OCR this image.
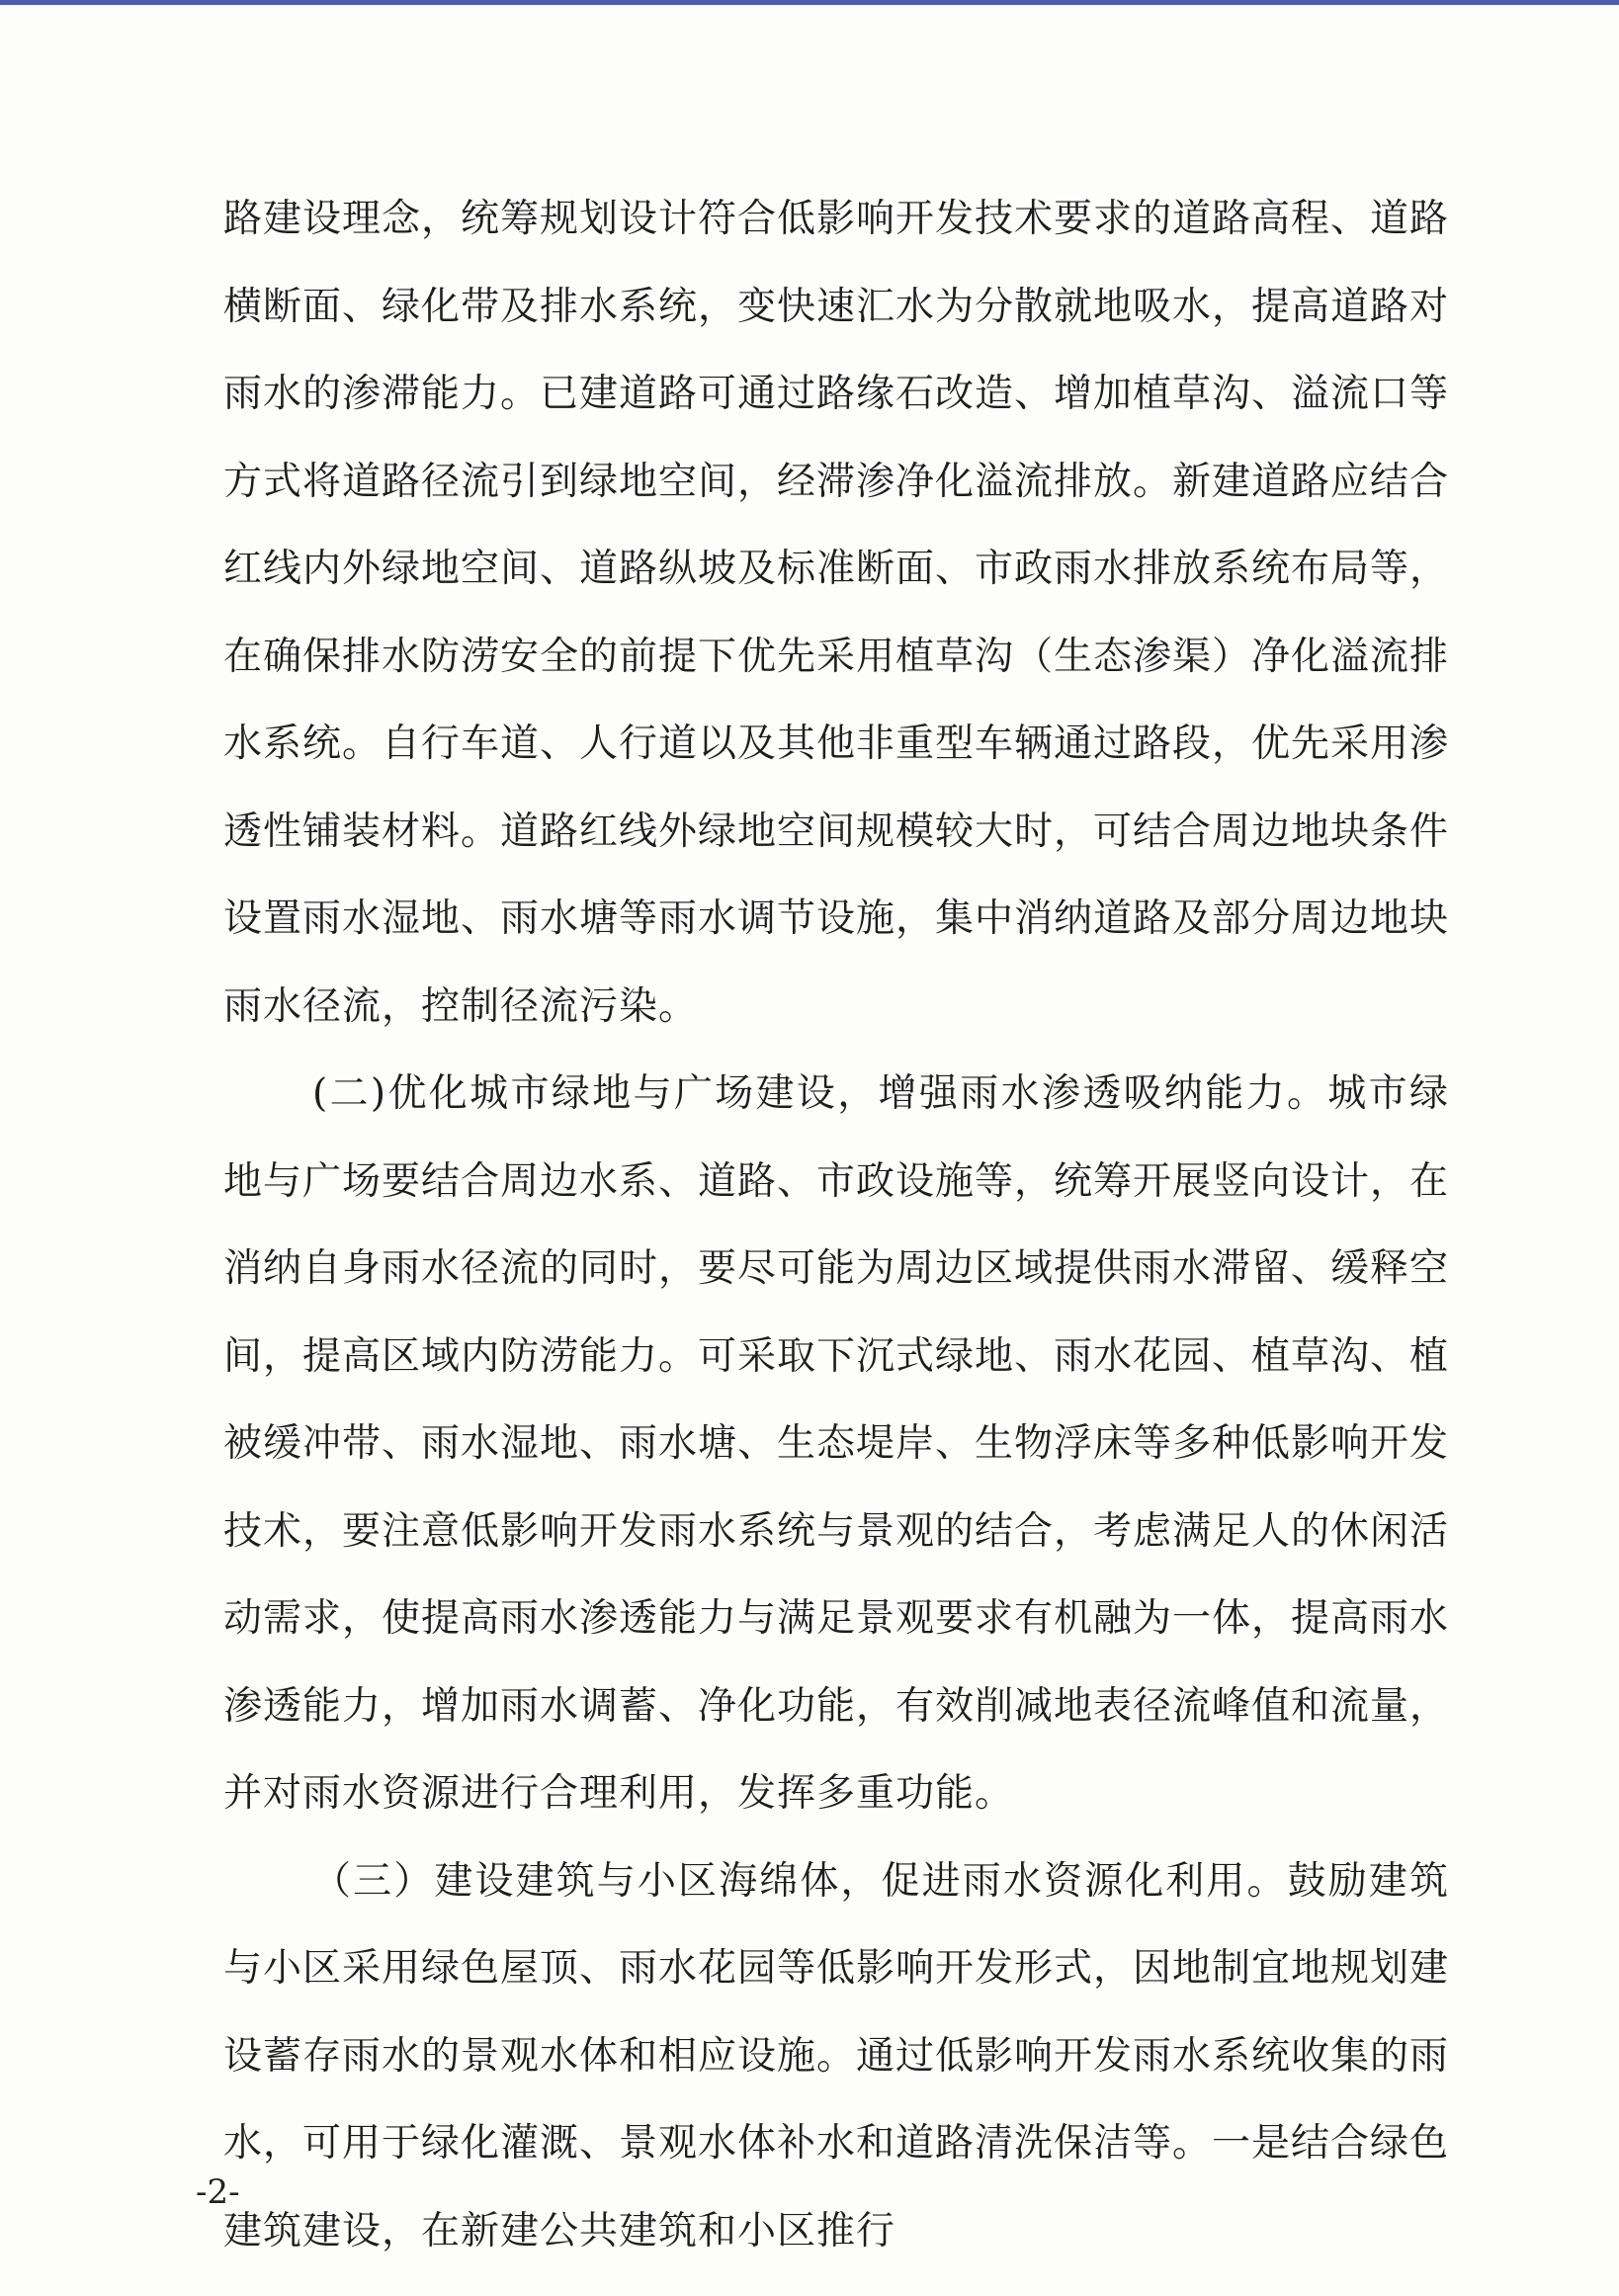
路建设理念，统筹规划设计符合低影响开发技术要求的道路高程、道路横断面、绿化带及排水系统，变快速汇水为分散就地吸水，提高道路对雨水的渗滞能力。已建道路可通过路缘石改造、增加植草沟、溢流口等方式将道路径流引到绿地空间，经滞渗净化溢流排放。新建道路应结合红线内外绿地空间、道路纵坡及标准断面、市政雨水排放系统布局等，在确保排水防涝安全的前提下优先采用植草沟（生态渗渠）净化溢流排水系统。自行车道、人行道以及其他非重型车辆通过路段，优先采用渗透性铺装材料。道路红线外绿地空间规模较大时，可结合周边地块条件设置雨水湿地、雨水塘等雨水调节设施，集中消纳道路及部分周边地块雨水径流，控制径流污染。

(二)优化城市绿地与广场建设，增强雨水渗透吸纳能力。城市绿地与广场要结合周边水系、道路、市政设施等，统筹开展竖向设计，在消纳自身雨水径流的同时，要尽可能为周边区域提供雨水滞留、缓释空间，提高区域内防涝能力。可采取下沉式绿地、雨水花园、植草沟、植被缓冲带、雨水湿地、雨水塘、生态堤岸、生物浮床等多种低影响开发技术，要注意低影响开发雨水系统与景观的结合，考虑满足人的休闲活动需求，使提高雨水渗透能力与满足景观要求有机融为一体，提高雨水渗透能力，增加雨水调蓄、净化功能，有效削减地表径流峰值和流量，并对雨水资源进行合理利用，发挥多重功能。

（三）建设建筑与小区海绵体，促进雨水资源化利用。鼓励建筑与小区采用绿色屋顶、雨水花园等低影响开发形式，因地制宜地规划建设蓄存雨水的景观水体和相应设施。通过低影响开发雨水系统收集的雨水，可用于绿化灌溉、景观水体补水和道路清洗保洁等。一是结合绿色建筑建设，在新建公共建筑和小区推行

-2-
